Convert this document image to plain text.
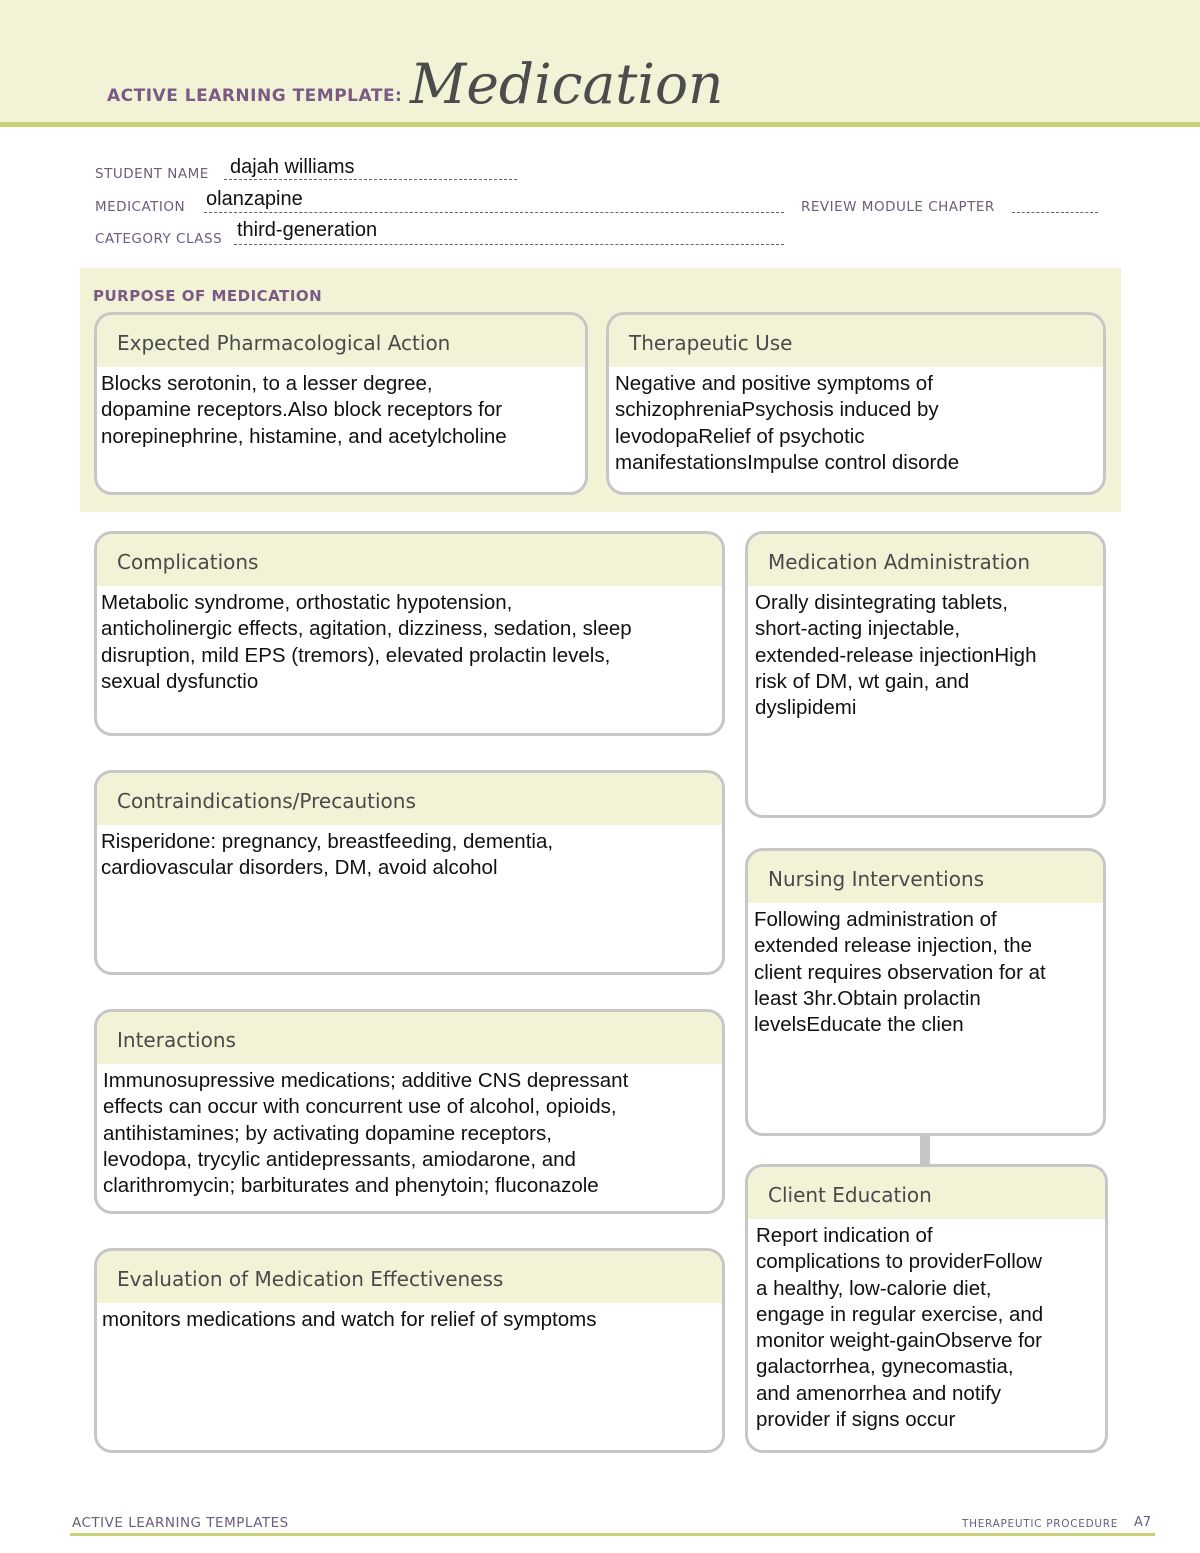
ACTIVE LEARNING TEMPLATE: Medication
STUDENT NAME dajah williams
MEDICATION olanzapine	REVIEW MODULE CHAPTER
CATEGORY CLASS third-generation
PURPOSE OF MEDICATION
Expected Pharmacological Action
Blocks serotonin, to a lesser degree,
dopamine receptors.Also block receptors for
norepinephrine, histamine, and acetylcholine
Therapeutic Use
Negative and positive symptoms of
schizophreniaPsychosis induced by
levodopaRelief of psychotic
manifestationsImpulse control disorde
Complications
Metabolic syndrome, orthostatic hypotension,
anticholinergic effects, agitation, dizziness, sedation, sleep
disruption, mild EPS (tremors), elevated prolactin levels,
sexual dysfunctio
Contraindications/Precautions
Risperidone: pregnancy, breastfeeding, dementia,
cardiovascular disorders, DM, avoid alcohol
Interactions
Immunosupressive medications; additive CNS depressant
effects can occur with concurrent use of alcohol, opioids,
antihistamines; by activating dopamine receptors,
levodopa, trycylic antidepressants, amiodarone, and
clarithromycin; barbiturates and phenytoin; fluconazole
Evaluation of Medication Effectiveness
monitors medications and watch for relief of symptoms
Medication Administration
Orally disintegrating tablets,
short-acting injectable,
extended-release injectionHigh
risk of DM, wt gain, and
dyslipidemi
Nursing Interventions
Following administration of
extended release injection, the
client requires observation for at
least 3hr.Obtain prolactin
levelsEducate the clien
Client Education
Report indication of
complications to providerFollow
a healthy, low-calorie diet,
engage in regular exercise, and
monitor weight-gainObserve for
galactorrhea, gynecomastia,
and amenorrhea and notify
provider if signs occur
ACTIVE LEARNING TEMPLATES	THERAPEUTIC PROCEDURE A7
